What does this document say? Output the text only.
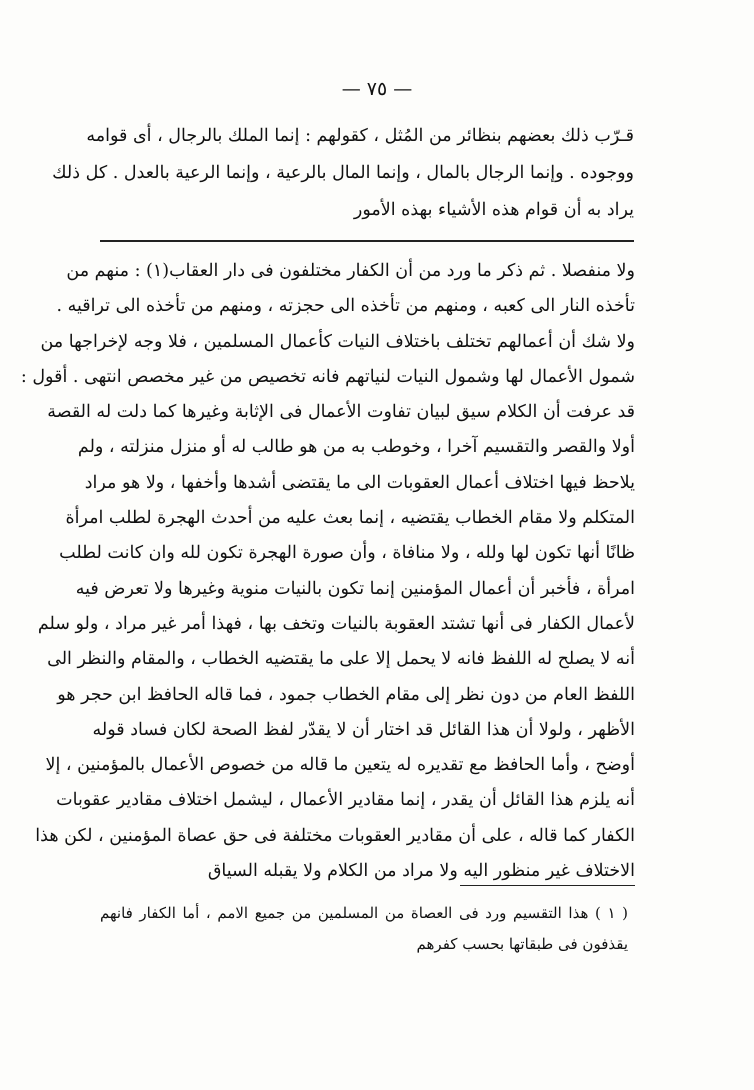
— ٧٥ —
قـرّب ذلك بعضهم بنظائر من المُثل ، كقولهم : إنما الملك بالرجال ، أى قوامه
ووجوده . وإنما الرجال بالمال ، وإنما المال بالرعية ، وإنما الرعية بالعدل . كل ذلك
يراد به أن قوام هذه الأشياء بهذه الأمور
ولا منفصلا . ثم ذكر ما ورد من أن الكفار مختلفون فى دار العقاب(١) : منهم من
تأخذه النار الى كعبه ، ومنهم من تأخذه الى حجزته ، ومنهم من تأخذه الى تراقيه .
ولا شك أن أعمالهم تختلف باختلاف النيات كأعمال المسلمين ، فلا وجه لإخراجها من
شمول الأعمال لها وشمول النيات لنياتهم فانه تخصيص من غير مخصص انتهى . أقول :
قد عرفت أن الكلام سيق لبيان تفاوت الأعمال فى الإثابة وغيرها كما دلت له القصة
أولا والقصر والتقسيم آخرا ، وخوطب به من هو طالب له أو منزل منزلته ، ولم
يلاحظ فيها اختلاف أعمال العقوبات الى ما يقتضى أشدها وأخفها ، ولا هو مراد
المتكلم ولا مقام الخطاب يقتضيه ، إنما بعث عليه من أحدث الهجرة لطلب امرأة
ظانًا أنها تكون لها ولله ، ولا منافاة ، وأن صورة الهجرة تكون لله وان كانت لطلب
امرأة ، فأخبر أن أعمال المؤمنين إنما تكون بالنيات منوية وغيرها ولا تعرض فيه
لأعمال الكفار فى أنها تشتد العقوبة بالنيات وتخف بها ، فهذا أمر غير مراد ، ولو سلم
أنه لا يصلح له اللفظ فانه لا يحمل إلا على ما يقتضيه الخطاب ، والمقام والنظر الى
اللفظ العام من دون نظر إلى مقام الخطاب جمود ، فما قاله الحافظ ابن حجر هو
الأظهر ، ولولا أن هذا القائل قد اختار أن لا يقدّر لفظ الصحة لكان فساد قوله
أوضح ، وأما الحافظ مع تقديره له يتعين ما قاله من خصوص الأعمال بالمؤمنين ، إلا
أنه يلزم هذا القائل أن يقدر ، إنما مقادير الأعمال ، ليشمل اختلاف مقادير عقوبات
الكفار كما قاله ، على أن مقادير العقوبات مختلفة فى حق عصاة المؤمنين ، لكن هذا
الاختلاف غير منظور اليه ولا مراد من الكلام ولا يقبله السياق
( ١ ) هذا التقسيم ورد فى العصاة من المسلمين من جميع الامم ، أما الكفار فانهم
يقذفون فى طبقاتها بحسب كفرهم
